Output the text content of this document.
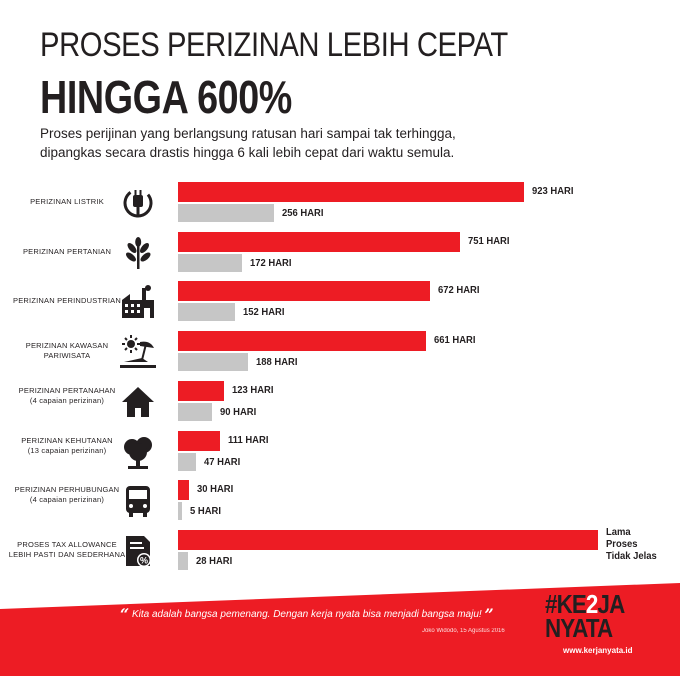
PROSES PERIZINAN LEBIH CEPAT
HINGGA 600%
Proses perijinan yang berlangsung ratusan hari sampai tak terhingga,
dipangkas secara drastis hingga 6 kali lebih cepat dari waktu semula.
PERIZINAN LISTRIK
923 HARI
256 HARI
PERIZINAN PERTANIAN
751 HARI
172 HARI
PERIZINAN PERINDUSTRIAN
672 HARI
152 HARI
PERIZINAN KAWASAN PARIWISATA
661 HARI
188 HARI
PERIZINAN PERTANAHAN
(4 capaian perizinan)
123 HARI
90 HARI
PERIZINAN KEHUTANAN
(13 capaian perizinan)
111 HARI
47 HARI
PERIZINAN PERHUBUNGAN
(4 capaian perizinan)
30 HARI
5 HARI
PROSES TAX ALLOWANCE LEBIH PASTI DAN SEDERHANA
%
Lama Proses Tidak Jelas
28 HARI
“ Kita adalah bangsa pemenang. Dengan kerja nyata bisa menjadi bangsa maju! ”
Joko Widodo, 15 Agustus 2016
#KE2JA
NYATA
www.kerjanyata.id
